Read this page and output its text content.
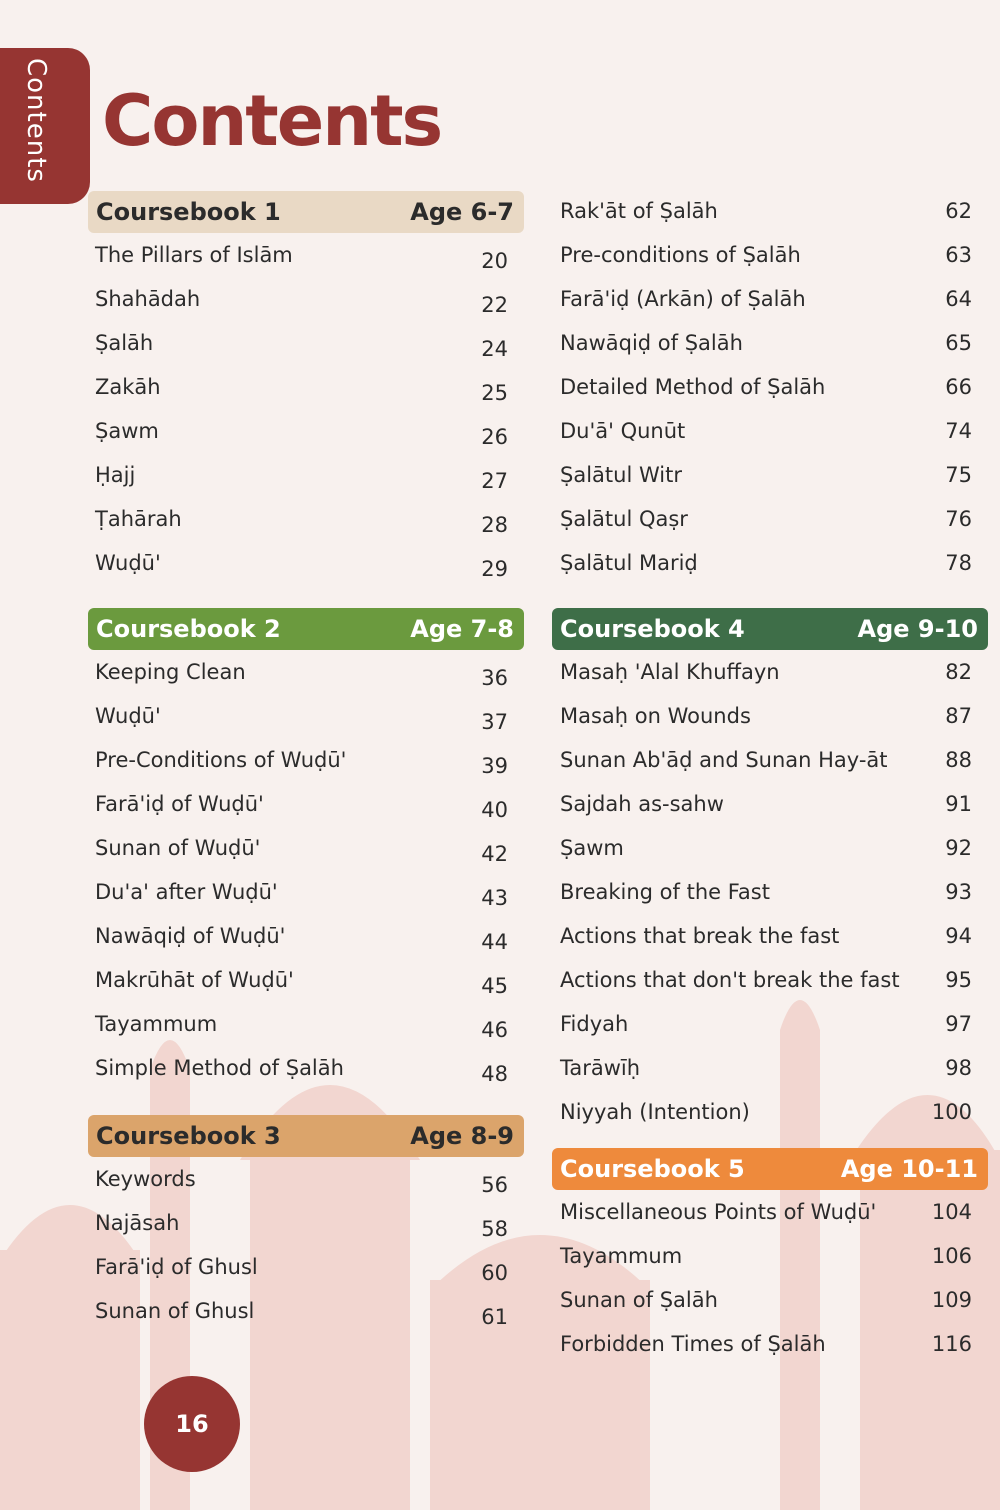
Contents Contents
Coursebook 1	Age 6-7
The Pillars of Islām	20
Shahādah	22
Ṣalāh	24
Zakāh	25
Ṣawm	26
Ḥajj	27
Ṭahārah	28
Wuḍū'	29
Coursebook 2	Age 7-8
Keeping Clean	36
Wuḍū'	37
Pre-Conditions of Wuḍū'	39
Farā'iḍ of Wuḍū'	40
Sunan of Wuḍū'	42
Du'a' after Wuḍū'	43
Nawāqiḍ of Wuḍū'	44
Makrūhāt of Wuḍū'	45
Tayammum	46
Simple Method of Ṣalāh	48
Coursebook 3	Age 8-9
Keywords	56
Najāsah	58
Farā'iḍ of Ghusl	60
Sunan of Ghusl	61
Rak'āt of Ṣalāh	62
Pre-conditions of Ṣalāh	63
Farā'iḍ (Arkān) of Ṣalāh	64
Nawāqiḍ of Ṣalāh	65
Detailed Method of Ṣalāh	66
Du'ā' Qunūt	74
Ṣalātul Witr	75
Ṣalātul Qaṣr	76
Ṣalātul Mariḍ	78
Coursebook 4	Age 9-10
Masaḥ 'Alal Khuffayn	82
Masaḥ on Wounds	87
Sunan Ab'āḍ and Sunan Hay-āt	88
Sajdah as-sahw	91
Ṣawm	92
Breaking of the Fast	93
Actions that break the fast	94
Actions that don't break the fast 95
Fidyah	97
Tarāwīḥ	98
Niyyah (Intention)	100
Coursebook 5	Age 10-11
Miscellaneous Points of Wuḍū'	104
Tayammum	106
Sunan of Ṣalāh	109
Forbidden Times of Ṣalāh	116
16
